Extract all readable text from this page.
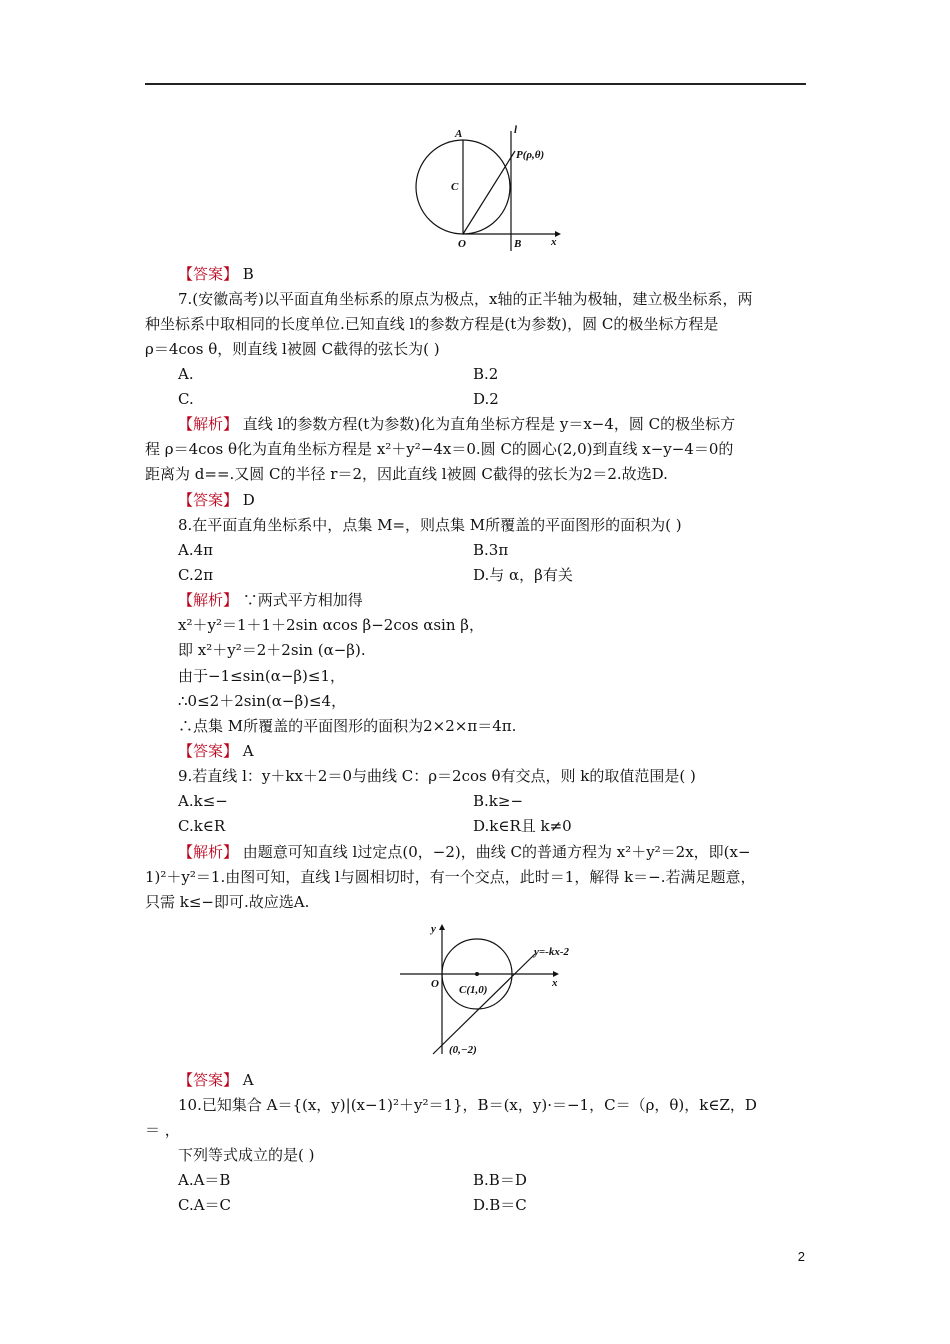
A	l
P(ρ,θ)
C
O	B	x
【答案】 B
7.(安徽高考)以平面直角坐标系的原点为极点，x轴的正半轴为极轴，建立极坐标系，两
种坐标系中取相同的长度单位.已知直线 l的参数方程是(t为参数)，圆 C的极坐标方程是
ρ＝4cos θ，则直线 l被圆 C截得的弦长为( )
A.	B.2
C.	D.2
【解析】 直线 l的参数方程(t为参数)化为直角坐标方程是 y＝x−4，圆 C的极坐标方
程 ρ＝4cos θ化为直角坐标方程是 x²＋y²−4x＝0.圆 C的圆心(2,0)到直线 x−y−4＝0的
距离为 d==.又圆 C的半径 r＝2，因此直线 l被圆 C截得的弦长为2＝2.故选D.
【答案】 D
8.在平面直角坐标系中，点集 M=，则点集 M所覆盖的平面图形的面积为( )
A.4π	B.3π
C.2π	D.与 α，β有关
【解析】 ∵两式平方相加得
x²＋y²＝1＋1＋2sin αcos β−2cos αsin β，
即 x²＋y²＝2＋2sin (α−β).
由于−1≤sin(α−β)≤1，
∴0≤2＋2sin(α−β)≤4，
∴点集 M所覆盖的平面图形的面积为2×2×π＝4π.
【答案】 A
9.若直线 l：y＋kx＋2＝0与曲线 C：ρ＝2cos θ有交点，则 k的取值范围是( )
A.k≤−	B.k≥−
C.k∈R	D.k∈R且 k≠0
【解析】 由题意可知直线 l过定点(0，−2)，曲线 C的普通方程为 x²＋y²＝2x，即(x−
1)²＋y²＝1.由图可知，直线 l与圆相切时，有一个交点，此时＝1，解得 k＝−.若满足题意，
只需 k≤−即可.故应选A.
y
y=-kx-2
O C(1,0)
x
(0,−2)
【答案】 A
10.已知集合 A＝{(x，y)|(x−1)²＋y²＝1}，B＝(x，y)·＝−1，C＝（ρ，θ)，k∈Z，D
＝ ，
下列等式成立的是( )
A.A＝B	B.B＝D
C.A＝C	D.B＝C
2
